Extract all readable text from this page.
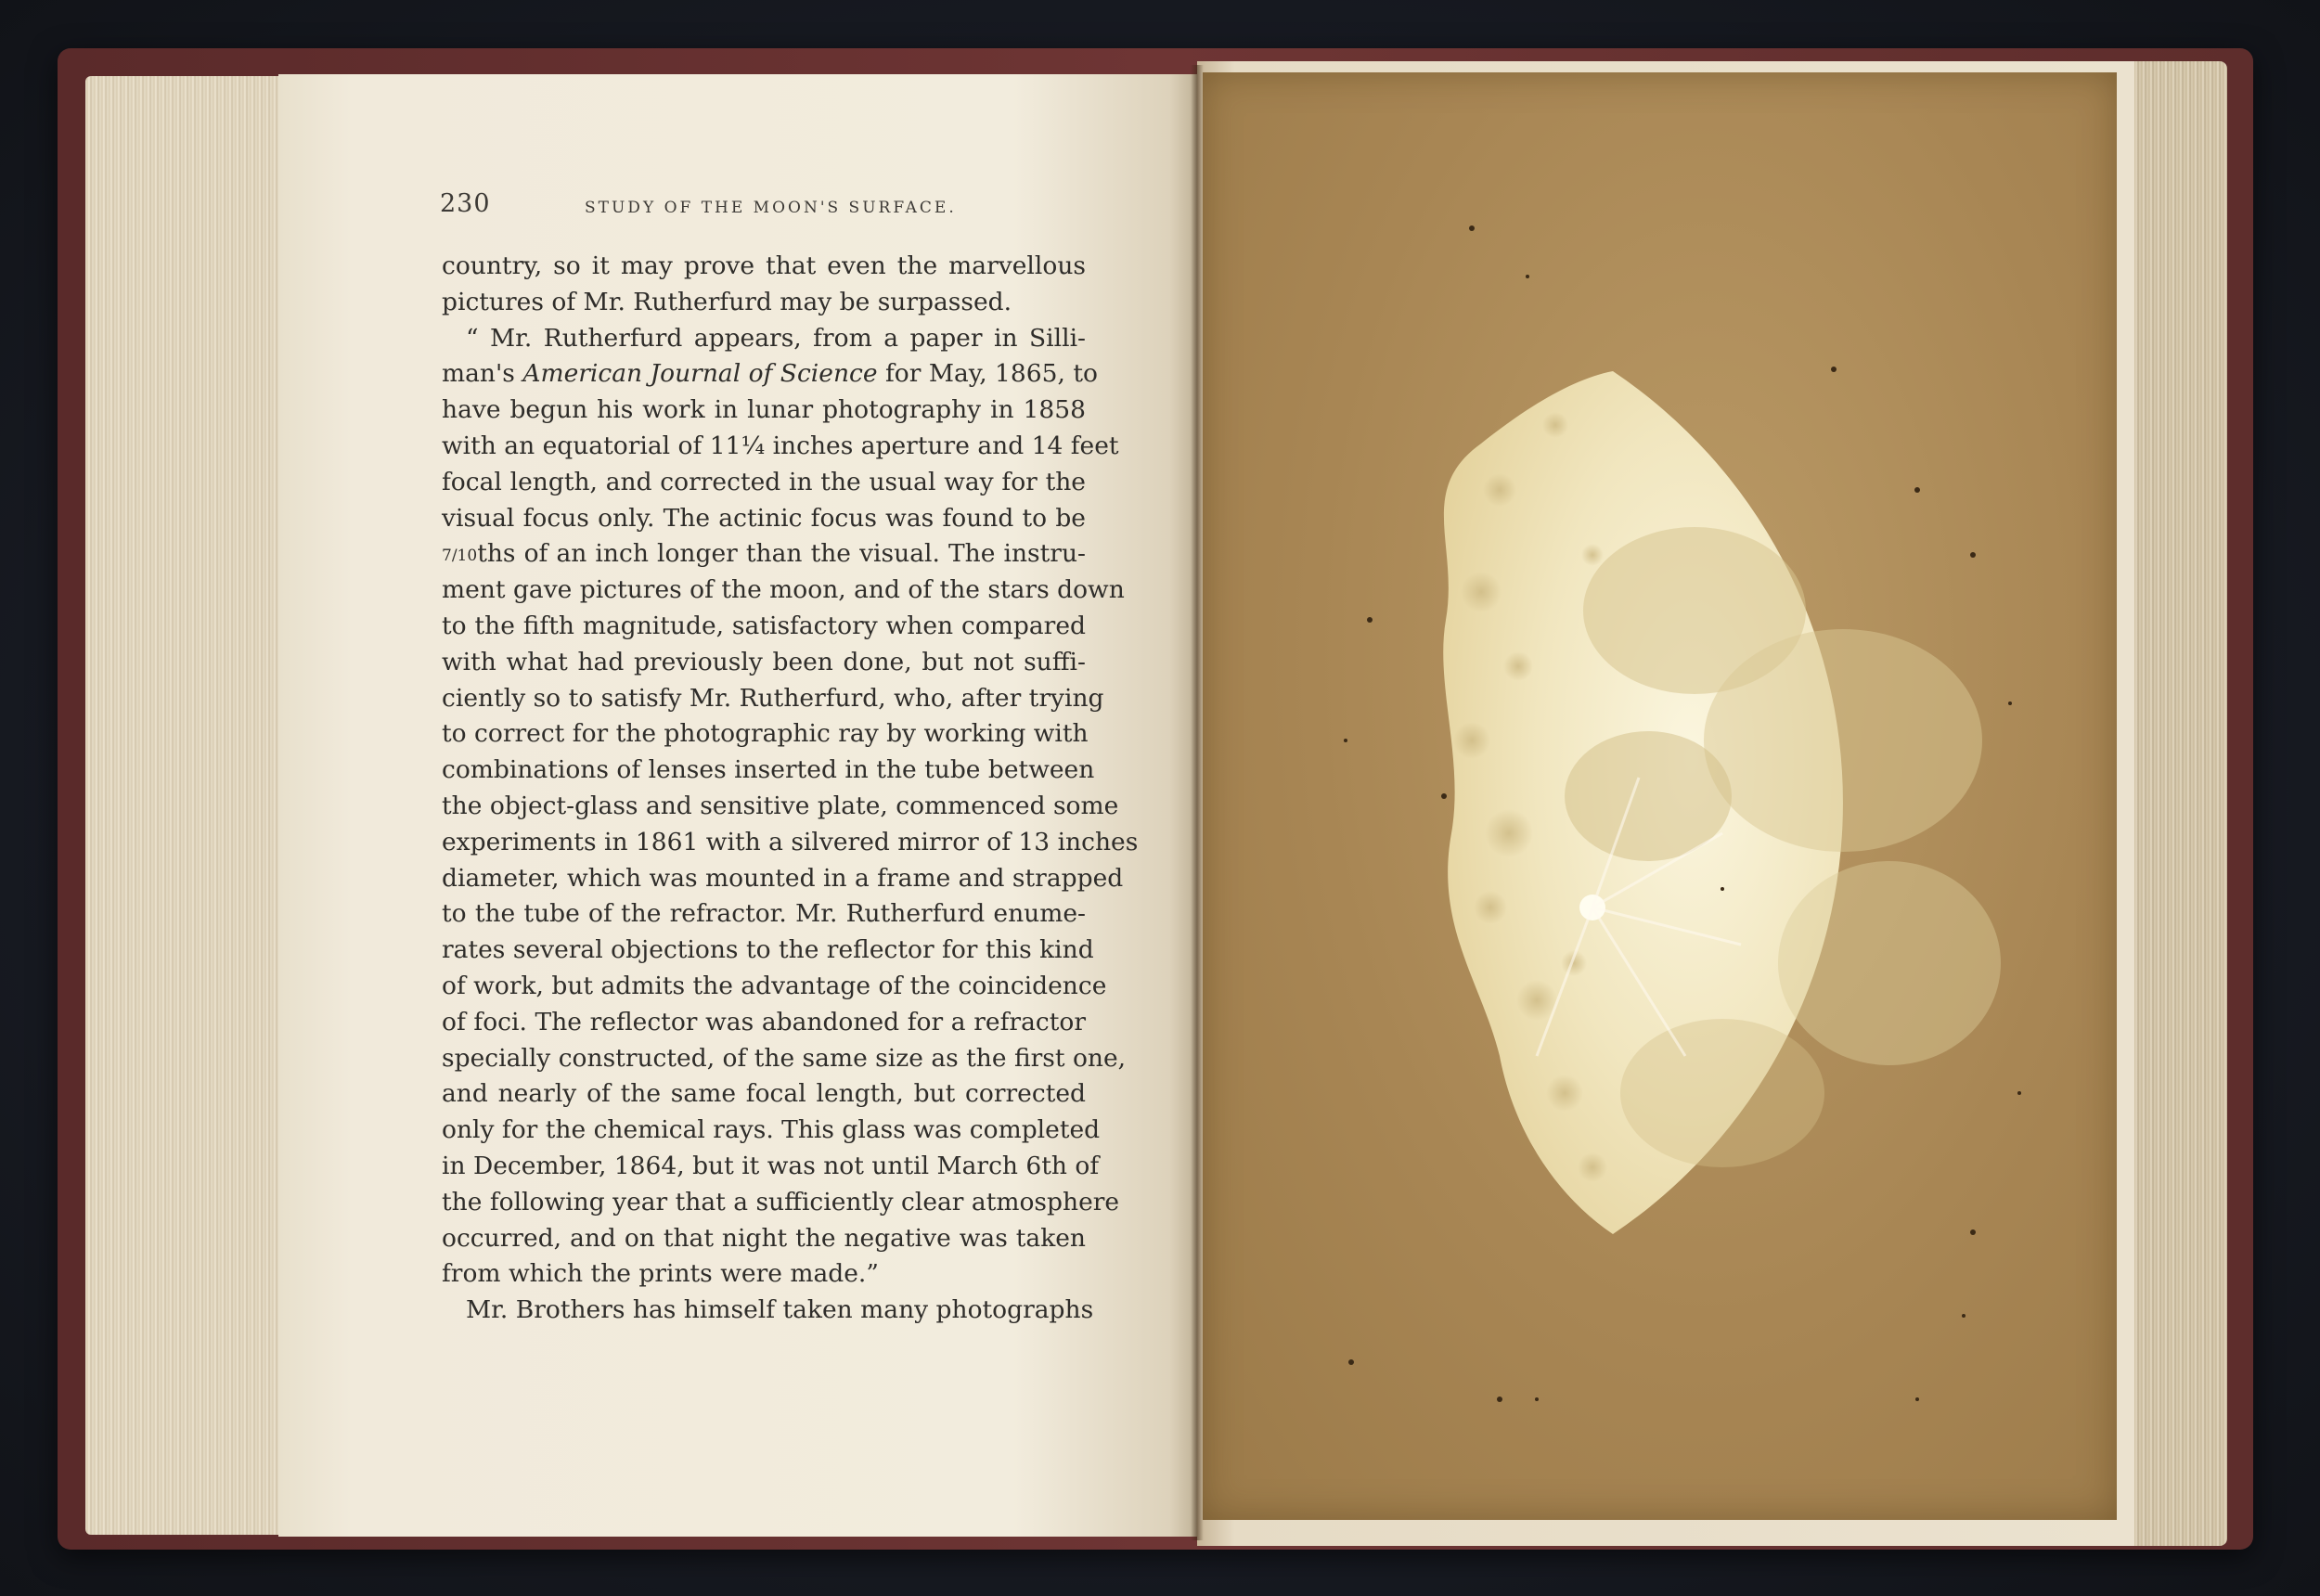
230	STUDY OF THE MOON'S SURFACE.
country, so it may prove that even the marvellous
pictures of Mr. Rutherfurd may be surpassed.
“ Mr. Rutherfurd appears, from a paper in Silli-
man's American Journal of Science for May, 1865, to
have begun his work in lunar photography in 1858
with an equatorial of 11¼ inches aperture and 14 feet
focal length, and corrected in the usual way for the
visual focus only. The actinic focus was found to be
7/10ths of an inch longer than the visual. The instru-
ment gave pictures of the moon, and of the stars down
to the fifth magnitude, satisfactory when compared
with what had previously been done, but not suffi-
ciently so to satisfy Mr. Rutherfurd, who, after trying
to correct for the photographic ray by working with
combinations of lenses inserted in the tube between
the object-glass and sensitive plate, commenced some
experiments in 1861 with a silvered mirror of 13 inches
diameter, which was mounted in a frame and strapped
to the tube of the refractor. Mr. Rutherfurd enume-
rates several objections to the reflector for this kind
of work, but admits the advantage of the coincidence
of foci. The reflector was abandoned for a refractor
specially constructed, of the same size as the first one,
and nearly of the same focal length, but corrected
only for the chemical rays. This glass was completed
in December, 1864, but it was not until March 6th of
the following year that a sufficiently clear atmosphere
occurred, and on that night the negative was taken
from which the prints were made.”
Mr. Brothers has himself taken many photographs
